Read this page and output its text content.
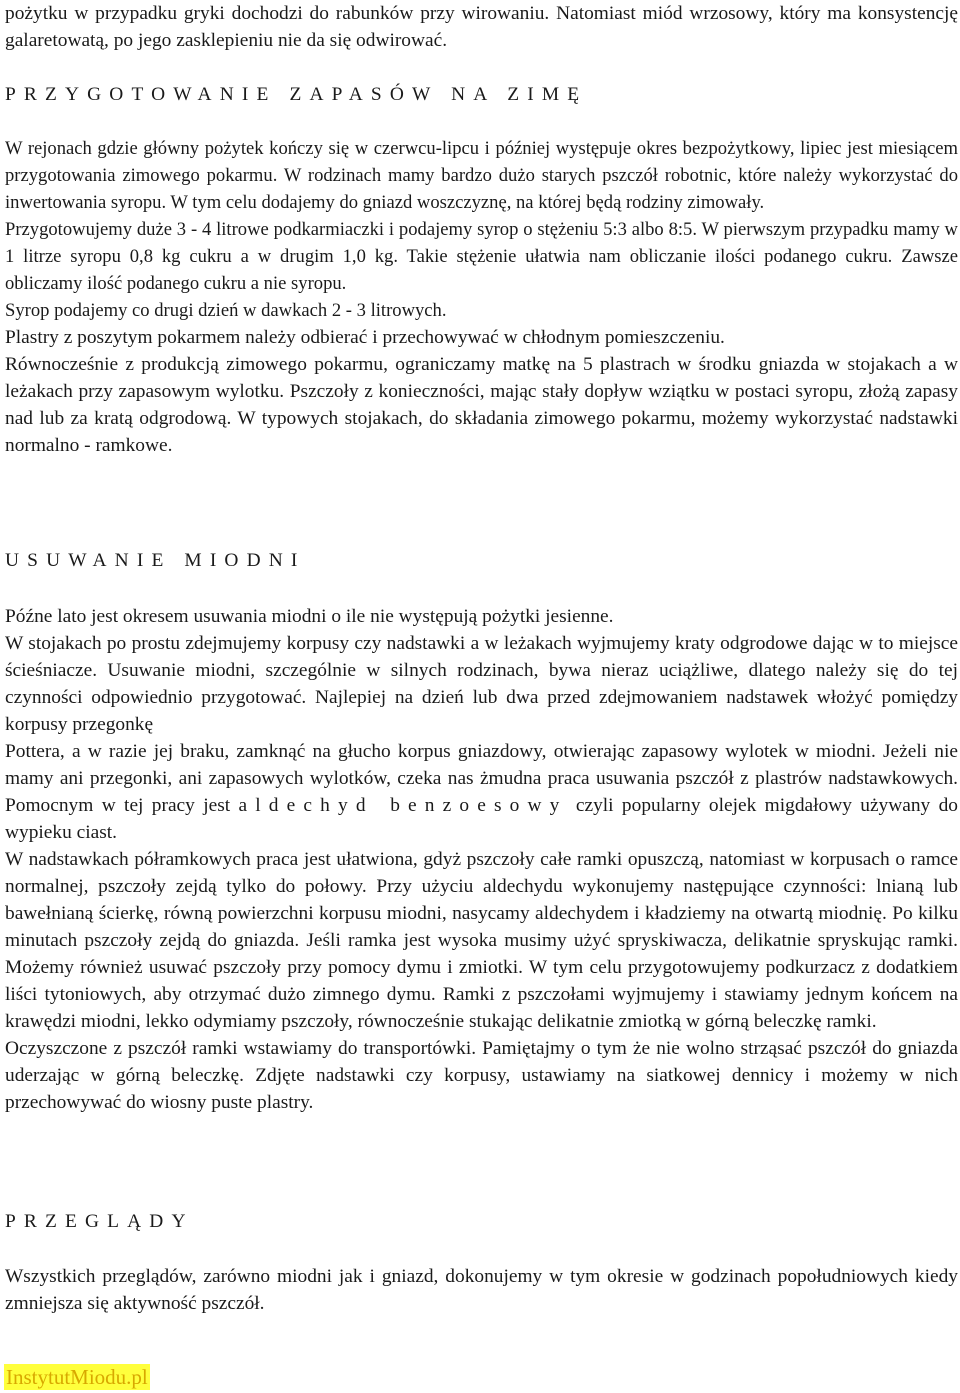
pożytku w przypadku gryki dochodzi do rabunków przy wirowaniu. Natomiast miód wrzosowy, który ma konsystencję galaretowatą, po jego zasklepieniu nie da się odwirować.

PRZYGOTOWANIE ZAPASÓW NA ZIMĘ

W rejonach gdzie główny pożytek kończy się w czerwcu-lipcu i później występuje okres bezpożytkowy, lipiec jest miesiącem przygotowania zimowego pokarmu. W rodzinach mamy bardzo dużo starych pszczół robotnic, które należy wykorzystać do inwertowania syropu. W tym celu dodajemy do gniazd woszczyznę, na której będą rodziny zimowały.

Przygotowujemy duże 3 - 4 litrowe podkarmiaczki i podajemy syrop o stężeniu 5:3 albo 8:5. W pierwszym przypadku mamy w 1 litrze syropu 0,8 kg cukru a w drugim 1,0 kg. Takie stężenie ułatwia nam obliczanie ilości podanego cukru. Zawsze obliczamy ilość podanego cukru a nie syropu.

Syrop podajemy co drugi dzień w dawkach 2 - 3 litrowych.

Plastry z poszytym pokarmem należy odbierać i przechowywać w chłodnym pomieszczeniu.

Równocześnie z produkcją zimowego pokarmu, ograniczamy matkę na 5 plastrach w środku gniazda w stojakach a w leżakach przy zapasowym wylotku. Pszczoły z konieczności, mając stały dopływ wziątku w postaci syropu, złożą zapasy nad lub za kratą odgrodową. W typowych stojakach, do składania zimowego pokarmu, możemy wykorzystać nadstawki normalno - ramkowe.

USUWANIE MIODNI

Późne lato jest okresem usuwania miodni o ile nie występują pożytki jesienne.

W stojakach po prostu zdejmujemy korpusy czy nadstawki a w leżakach wyjmujemy kraty odgrodowe dając w to miejsce ścieśniacze. Usuwanie miodni, szczególnie w silnych rodzinach, bywa nieraz uciążliwe, dlatego należy się do tej czynności odpowiednio przygotować. Najlepiej na dzień lub dwa przed zdejmowaniem nadstawek włożyć pomiędzy korpusy przegonkę

Pottera, a w razie jej braku, zamknąć na głucho korpus gniazdowy, otwierając zapasowy wylotek w miodni. Jeżeli nie mamy ani przegonki, ani zapasowych wylotków, czeka nas żmudna praca usuwania pszczół z plastrów nadstawkowych. Pomocnym w tej pracy jest aldechyd benzoesowy czyli popularny olejek migdałowy używany do wypieku ciast.

W nadstawkach półramkowych praca jest ułatwiona, gdyż pszczoły całe ramki opuszczą, natomiast w korpusach o ramce normalnej, pszczoły zejdą tylko do połowy. Przy użyciu aldechydu wykonujemy następujące czynności: lnianą lub bawełnianą ścierkę, równą powierzchni korpusu miodni, nasycamy aldechydem i kładziemy na otwartą miodnię. Po kilku minutach pszczoły zejdą do gniazda. Jeśli ramka jest wysoka musimy użyć spryskiwacza, delikatnie spryskując ramki. Możemy również usuwać pszczoły przy pomocy dymu i zmiotki. W tym celu przygotowujemy podkurzacz z dodatkiem liści tytoniowych, aby otrzymać dużo zimnego dymu. Ramki z pszczołami wyjmujemy i stawiamy jednym końcem na krawędzi miodni, lekko odymiamy pszczoły, równocześnie stukając delikatnie zmiotką w górną beleczkę ramki.

Oczyszczone z pszczół ramki wstawiamy do transportówki. Pamiętajmy o tym że nie wolno strząsać pszczół do gniazda uderzając w górną beleczkę. Zdjęte nadstawki czy korpusy, ustawiamy na siatkowej dennicy i możemy w nich przechowywać do wiosny puste plastry.

PRZEGLĄDY

Wszystkich przeglądów, zarówno miodni jak i gniazd, dokonujemy w tym okresie w godzinach popołudniowych kiedy zmniejsza się aktywność pszczół.

InstytutMiodu.pl
